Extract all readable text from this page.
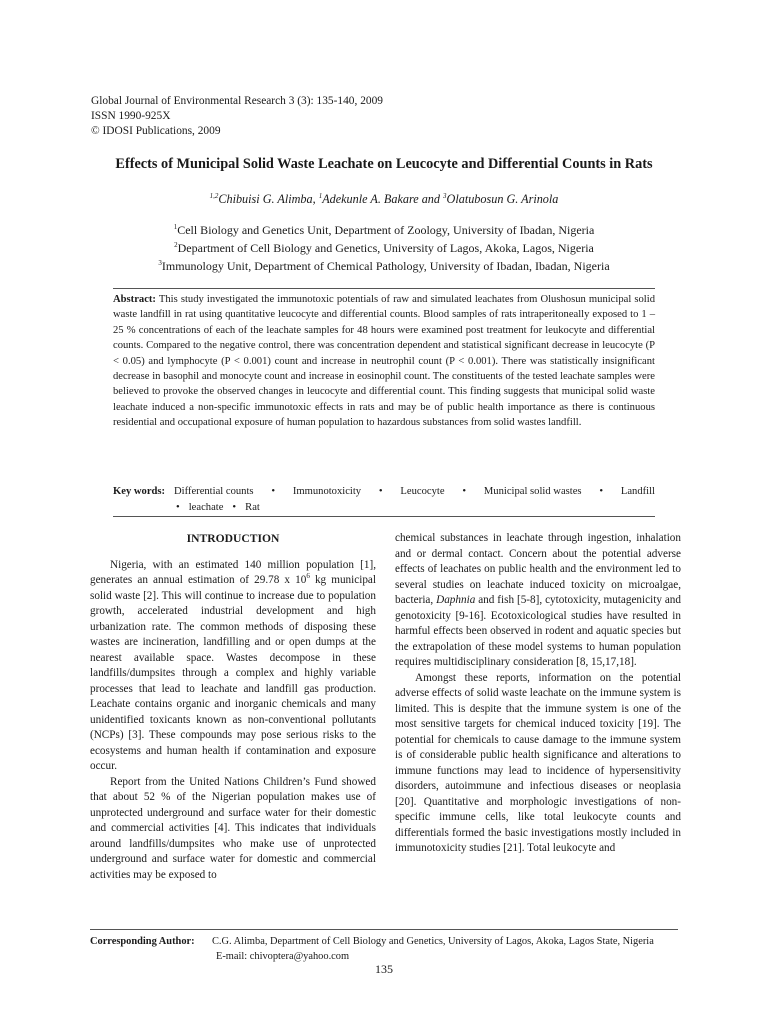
Global Journal of Environmental Research 3 (3): 135-140, 2009
ISSN 1990-925X
© IDOSI Publications, 2009
Effects of Municipal Solid Waste Leachate on Leucocyte and Differential Counts in Rats
$^{1,2}$Chibuisi G. Alimba, $^1$Adekunle A. Bakare and $^3$Olatubosun G. Arinola
$^1$Cell Biology and Genetics Unit, Department of Zoology, University of Ibadan, Nigeria
$^2$Department of Cell Biology and Genetics, University of Lagos, Akoka, Lagos, Nigeria
$^3$Immunology Unit, Department of Chemical Pathology, University of Ibadan, Ibadan, Nigeria
Abstract: This study investigated the immunotoxic potentials of raw and simulated leachates from Olushosun municipal solid waste landfill in rat using quantitative leucocyte and differential counts. Blood samples of rats intraperitoneally exposed to 1 – 25 % concentrations of each of the leachate samples for 48 hours were examined post treatment for leukocyte and differential counts. Compared to the negative control, there was concentration dependent and statistical significant decrease in leucocyte (P < 0.05) and lymphocyte (P < 0.001) count and increase in neutrophil count (P < 0.001). There was statistically insignificant decrease in basophil and monocyte count and increase in eosinophil count. The constituents of the tested leachate samples were believed to provoke the observed changes in leucocyte and differential count. This finding suggests that municipal solid waste leachate induced a non-specific immunotoxic effects in rats and may be of public health importance as there is continuous residential and occupational exposure of human population to hazardous substances from solid wastes landfill.
Key words: Differential counts • Immunotoxicity • Leucocyte • Municipal solid wastes • Landfill
• leachate • Rat

INTRODUCTION

Nigeria, with an estimated 140 million population [1], generates an annual estimation of 29.78 x $10^6$ kg municipal solid waste [2]. This will continue to increase due to population growth, accelerated industrial development and high urbanization rate. The common methods of disposing these wastes are incineration, landfilling and or open dumps at the nearest available space. Wastes decompose in these landfills/dumpsites through a complex and highly variable processes that lead to leachate and landfill gas production. Leachate contains organic and inorganic chemicals and many unidentified toxicants known as non-conventional pollutants (NCPs) [3]. These compounds may pose serious risks to the ecosystems and human health if contamination and exposure occur.

Report from the United Nations Children’s Fund showed that about 52 % of the Nigerian population makes use of unprotected underground and surface water for their domestic and commercial activities [4]. This indicates that individuals around landfills/dumpsites who make use of unprotected underground and surface water for domestic and commercial activities may be exposed to

chemical substances in leachate through ingestion, inhalation and or dermal contact. Concern about the potential adverse effects of leachates on public health and the environment led to several studies on leachate induced toxicity on microalgae, bacteria, Daphnia and fish [5-8], cytotoxicity, mutagenicity and genotoxicity [9-16]. Ecotoxicological studies have resulted in harmful effects been observed in rodent and aquatic species but the extrapolation of these model systems to human population requires multidisciplinary consideration [8, 15,17,18].

Amongst these reports, information on the potential adverse effects of solid waste leachate on the immune system is limited. This is despite that the immune system is one of the most sensitive targets for chemical induced toxicity [19]. The potential for chemicals to cause damage to the immune system is of considerable public health significance and alterations to immune functions may lead to incidence of hypersensitivity disorders, autoimmune and infectious diseases or neoplasia [20]. Quantitative and morphologic investigations of non-specific immune cells, like total leukocyte counts and differentials formed the basic investigations mostly included in immunotoxicity studies [21]. Total leukocyte and

Corresponding Author: C.G. Alimba, Department of Cell Biology and Genetics, University of Lagos, Akoka, Lagos State, Nigeria
E-mail: chivoptera@yahoo.com
135
